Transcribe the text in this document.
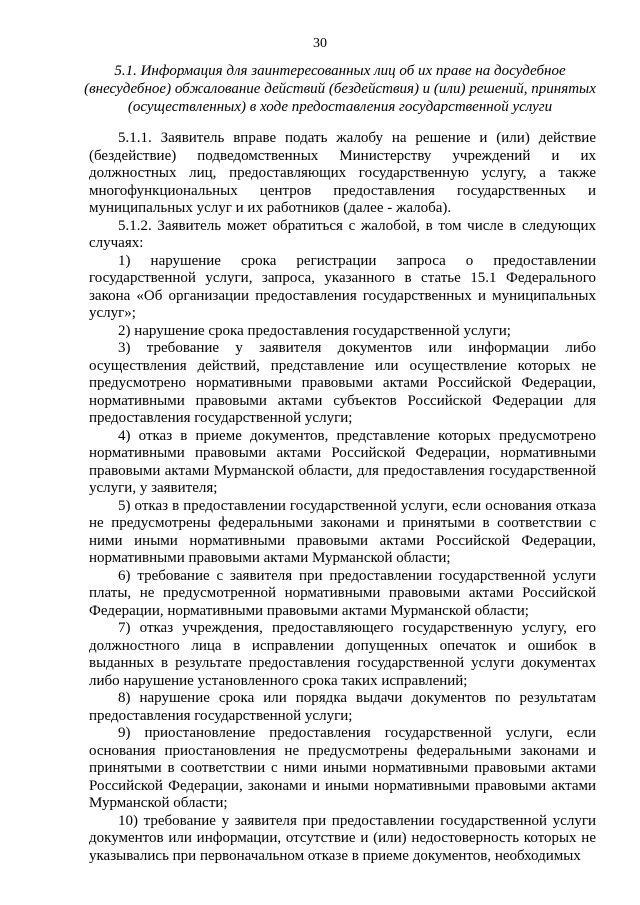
30
5.1. Информация для заинтересованных лиц об их праве на досудебное (внесудебное) обжалование действий (бездействия) и (или) решений, принятых (осуществленных) в ходе предоставления государственной услуги

5.1.1. Заявитель вправе подать жалобу на решение и (или) действие (бездействие) подведомственных Министерству учреждений и их должностных лиц, предоставляющих государственную услугу, а также многофункциональных центров предоставления государственных и муниципальных услуг и их работников (далее - жалоба).

5.1.2. Заявитель может обратиться с жалобой, в том числе в следующих случаях:

1) нарушение срока регистрации запроса о предоставлении государственной услуги, запроса, указанного в статье 15.1 Федерального закона «Об организации предоставления государственных и муниципальных услуг»;

2) нарушение срока предоставления государственной услуги;

3) требование у заявителя документов или информации либо осуществления действий, представление или осуществление которых не предусмотрено нормативными правовыми актами Российской Федерации, нормативными правовыми актами субъектов Российской Федерации для предоставления государственной услуги;

4) отказ в приеме документов, представление которых предусмотрено нормативными правовыми актами Российской Федерации, нормативными правовыми актами Мурманской области, для предоставления государственной услуги, у заявителя;

5) отказ в предоставлении государственной услуги, если основания отказа не предусмотрены федеральными законами и принятыми в соответствии с ними иными нормативными правовыми актами Российской Федерации, нормативными правовыми актами Мурманской области;

6) требование с заявителя при предоставлении государственной услуги платы, не предусмотренной нормативными правовыми актами Российской Федерации, нормативными правовыми актами Мурманской области;

7) отказ учреждения, предоставляющего государственную услугу, его должностного лица в исправлении допущенных опечаток и ошибок в выданных в результате предоставления государственной услуги документах либо нарушение установленного срока таких исправлений;

8) нарушение срока или порядка выдачи документов по результатам предоставления государственной услуги;

9) приостановление предоставления государственной услуги, если основания приостановления не предусмотрены федеральными законами и принятыми в соответствии с ними иными нормативными правовыми актами Российской Федерации, законами и иными нормативными правовыми актами Мурманской области;

10) требование у заявителя при предоставлении государственной услуги документов или информации, отсутствие и (или) недостоверность которых не указывались при первоначальном отказе в приеме документов, необходимых
